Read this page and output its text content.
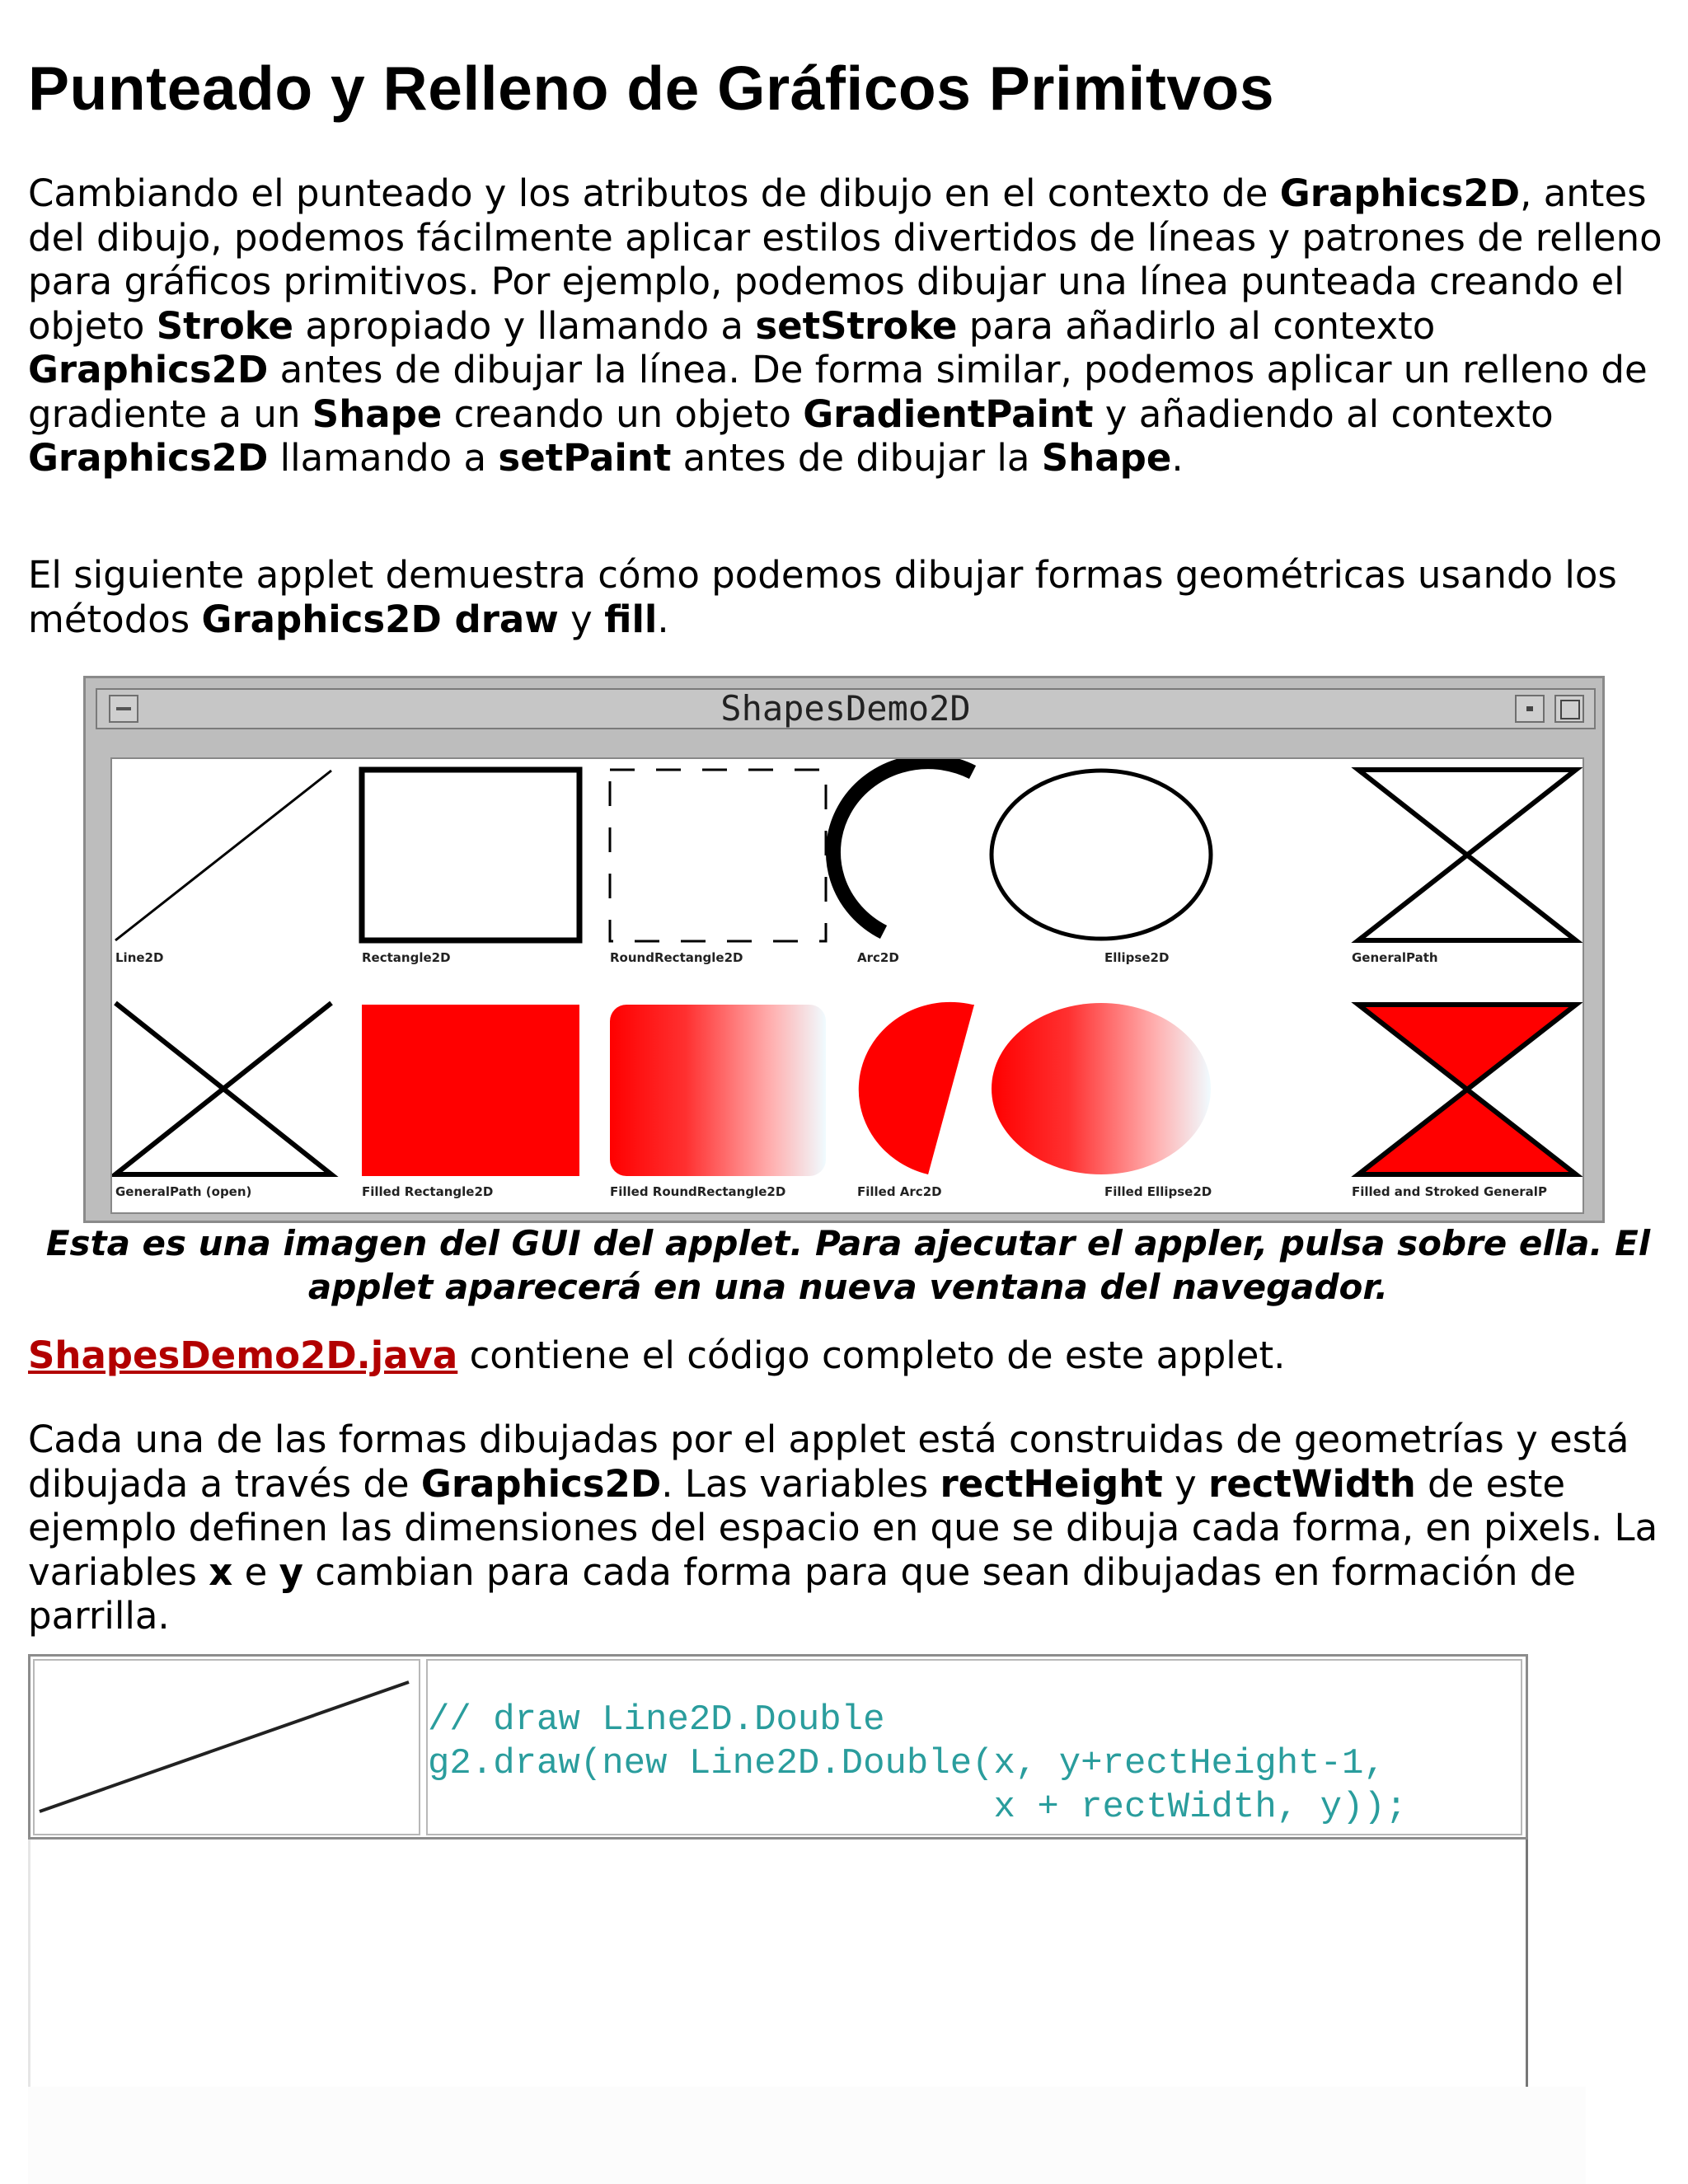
Punteado y Relleno de Gráficos Primitvos

Cambiando el punteado y los atributos de dibujo en el contexto de Graphics2D, antes del dibujo, podemos fácilmente aplicar estilos divertidos de líneas y patrones de relleno para gráficos primitivos. Por ejemplo, podemos dibujar una línea punteada creando el objeto Stroke apropiado y llamando a setStroke para añadirlo al contexto Graphics2D antes de dibujar la línea. De forma similar, podemos aplicar un relleno de gradiente a un Shape creando un objeto GradientPaint y añadiendo al contexto Graphics2D llamando a setPaint antes de dibujar la Shape.

El siguiente applet demuestra cómo podemos dibujar formas geométricas usando los métodos Graphics2D draw y fill.

ShapesDemo2D
Line2D	Rectangle2D	RoundRectangle2D	Arc2D	Ellipse2D	GeneralPath
GeneralPath (open)	Filled Rectangle2D	Filled RoundRectangle2D	Filled Arc2D	Filled Ellipse2D	Filled and Stroked GeneralP

Esta es una imagen del GUI del applet. Para ajecutar el appler, pulsa sobre ella. El
applet aparecerá en una nueva ventana del navegador.

ShapesDemo2D.java contiene el código completo de este applet.

Cada una de las formas dibujadas por el applet está construidas de geometrías y está dibujada a través de Graphics2D. Las variables rectHeight y rectWidth de este ejemplo definen las dimensiones del espacio en que se dibuja cada forma, en pixels. La variables x e y cambian para cada forma para que sean dibujadas en formación de parrilla.

// draw Line2D.Double
g2.draw(new Line2D.Double(x, y+rectHeight-1,
x + rectWidth, y));
